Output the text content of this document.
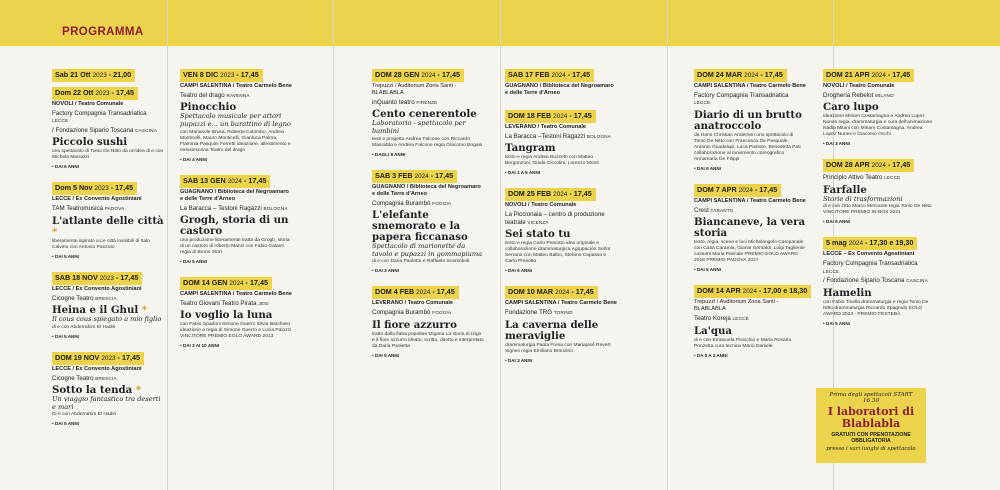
PROGRAMMA
Sab 21 Ott 2023 - 21,00
Dom 22 Ott 2023 - 17,45
NOVOLI / Teatro Comunale
Factory Compagnia Transadriatica LECCE
/ Fondazione Sipario Toscana CASCINA
Piccolo sushi
uno spettacolo di Tonio De Nitto da un'idea di e con Michela Marrazzi
• DAI 6 ANNI
Dom 5 Nov 2023 - 17,45
LECCE / Ex Convento Agostiniani
TAM Teatromusica PADOVA
L'atlante delle città *
liberamente ispirato a Le città invisibili di Italo Calvino con Antonio Panzuto
• DAI 5 ANNI
SAB 18 NOV 2023 - 17,45
LECCE / Ex Convento Agostiniani
Cicogne Teatro BRESCIA
Heina e il Ghul *
Il cous cous spiegato a mio figlio
di e con Abderrahim El Hadiri
• DAI 5 ANNI
DOM 19 NOV 2023 - 17,45
LECCE / Ex Convento Agostiniani
Cicogne Teatro BRESCIA
Sotto la tenda *
Un viaggio fantastico tra deserti e mari
Di e con Abderrahim El Hadiri
• DAI 5 ANNI
VEN 8 DIC 2023 - 17,45
CAMPI SALENTINA / Teatro Carmelo Bene
Teatro del drago RAVENNA
Pinocchio
Spettacolo musicale per attori pupazzi e... un burattino di legno
con Mariasole Brusa, Roberta Colombo, Andrea Monticelli, Mauro Monticelli, Gianluca Palma, Flaminia Pasquini Ferretti ideazione, allestimento e messinscena Teatro del drago
• DAI 4 ANNI
SAB 13 GEN 2024 - 17,45
GUAGNANO / Biblioteca del Negroamaro e delle Terre d'Arneo
La Baracca – Testoni Ragazzi BOLOGNA
Grogh, storia di un castoro
una produzione liberamente tratta da Grogh, storia di un castoro di Alberto Manzi con Fabio Galanti regia di Bruno Stori
• DAI 5 ANNI
DOM 14 GEN 2024 - 17,45
CAMPI SALENTINA / Teatro Carmelo Bene
Teatro Giovani Teatro Pirata JESI
Io voglio la luna
con Fabio Spadoni Simone Guerro Silvia Barchiesi ideazione e regia di Simone Guerro e Lucia Palozzi VINCITORE PREMIO EOLO AWARD 2013
• DAI 3 AI 10 ANNI
DOM 28 GEN 2024 - 17,45
Trepuzzi / Auditorium Zona Santi - BLABLABLA
inQuanto teatro FIRENZE
Cento cenerentole
Laboratorio - spettacolo per bambini
testi e progetto Andrea Falcone con Riccardo Massidda e Andrea Falcone regia Giacomo Bogani
• DAGLI 8 ANNI
SAB 3 FEB 2024 - 17,45
GUAGNANO / Biblioteca del Negroamaro e delle Terre d'Arneo
Compagnia Burambò FOGGIA
L'elefante smemorato e la papera ficcanaso
Spettacolo di marionette da tavolo e pupazzi in gommapiuma
di e con Daria Paoletta e Raffaele Scarimboli
• DAI 3 ANNI
DOM 4 FEB 2024 - 17,45
LEVERANO / Teatro Comunale
Compagnia Burambò FOGGIA
Il fiore azzurro
tratto dalla fiaba popolare tzigana La storia di tzigo e il fiore azzurro ideato, scritto, diretto e interpretato da Daria Paoletta
• DAI 5 ANNI
SAB 17 FEB 2024 - 17,45
GUAGNANO / Biblioteca del Negroamaro e delle Terre d'Arneo
DOM 18 FEB 2024 - 17,45
LEVERANO / Teatro Comunale
La Baracca –Testoni Ragazzi BOLOGNA
Tangram
testo e regia Andrea Buzzetti con Matteo Bergonzoni, Giada Ciccolini, Lorenzo Monti
• DAI 1 A 5 ANNI
DOM 25 FEB 2024 - 17,45
NOVOLI / Teatro Comunale
La Piccionaia – centro di produzione teatrale VICENZA
Sei stato tu
testo e regia Carlo Presotto idea originale e collaborazione drammaturgica Agrupación Señor Serrano con Matteo Balbo, Stefano Capasso e Carlo Presotto
• DAI 6 ANNI
DOM 10 MAR 2024 - 17,45
CAMPI SALENTINA / Teatro Carmelo Bene
Fondazione TRG TORINO
La caverna delle meraviglie
drammaturgia Paola Fresa con Mariajosé Revert Signes regia Emiliano Bronzino
• DAI 3 ANNI
DOM 24 MAR 2024 - 17,45
CAMPI SALENTINA / Teatro Carmelo Bene
Factory Compagnia Transadriatica LECCE
Diario di un brutto anatroccolo
da Hans Christian Andersen uno spettacolo di Tonio De Nitto con Francesca De Pasquale, Antonio Guadalupi, Luca Pastore, Benedetta Pati collaborazione al movimento coreografico Annamaria De Filippi
• DAI 6 ANNI
DOM 7 APR 2024 - 17,45
CAMPI SALENTINA / Teatro Carmelo Bene
Crest TARANTO
Biancaneve, la vera storia
testo, regia, scene e luci Michelangelo Campanale con Catia Caramia, Gianni Grimaldi, Luigi Tagliente costumi Maria Pascale PREMIO EOLO AWARD 2018 PREMIO PADOVA 2017
• DAI 5 ANNI
DOM 14 APR 2024 - 17,00 e 18,30
Trepuzzi / Auditorium Zona Santi - BLABLABLA
Teatro Koreja LECCE
La'qua
di e con Emanuela Pisicchio e Maria Rosaria Ponzetta cura tecnica Mario Daniele
• DA 0 A 3 ANNI
DOM 21 APR 2024 - 17,45
NOVOLI / Teatro Comunale
Drogheria Rebelot MILANO
Caro lupo
ideazione Miriam Costamagna e Andrea Lopez Nunes regia, drammaturgia e cura dell'animazione Nadia Milani con Miriam Costamagna, Andrea Lopez Nunes e Giacomo Occhi
• DAI 3 ANNI
DOM 28 APR 2024 - 17,45
Principio Attivo Teatro LECCE
Farfalle
Storie di trasformazioni
di e con Otto Marco Mercante regia Tonio De Nitto VINCITORE PREMIO IN-BOX 2021
• DAI 6 ANNI
5 mag 2024 - 17,30 e 19,30
LECCE – Ex Convento Agostiniani
Factory Compagnia Transadriatica LECCE
/ Fondazione Sipario Toscana CASCINA
Hamelin
con Fabio Tinella drammaturgia e regia Tonio De Nitto drammaturgia Riccardo Spagnulo EOLO AWARD 2023 - PREMIO FESTEBÀ
• DAI 5 ANNI
Prima degli spettacoli START 16.30
I laboratori di Blablabla
GRATUITI CON PRENOTAZIONE OBBLIGATORIA
presso i vari luoghi di spettacolo
